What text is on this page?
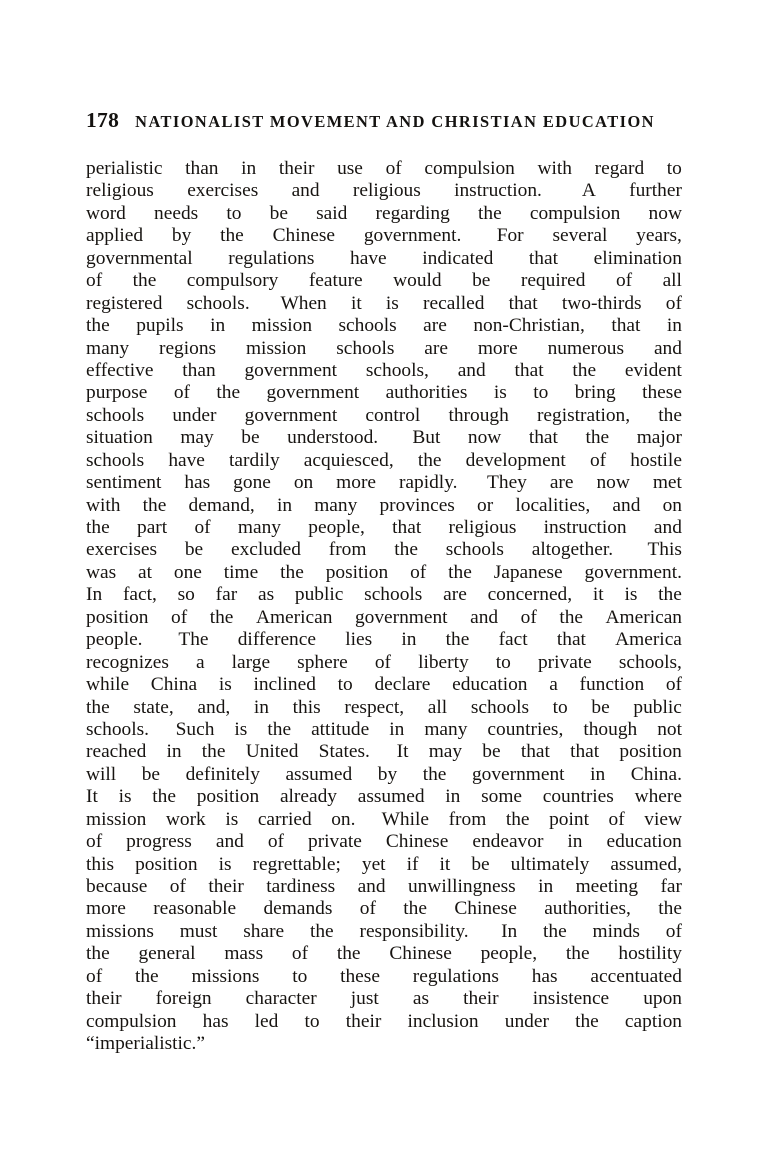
178 NATIONALIST MOVEMENT AND CHRISTIAN EDUCATION
perialistic than in their use of compulsion with regard to
religious exercises and religious instruction. A further
word needs to be said regarding the compulsion now
applied by the Chinese government. For several years,
governmental regulations have indicated that elimination
of the compulsory feature would be required of all
registered schools. When it is recalled that two-thirds of
the pupils in mission schools are non-Christian, that in
many regions mission schools are more numerous and
effective than government schools, and that the evident
purpose of the government authorities is to bring these
schools under government control through registration, the
situation may be understood. But now that the major
schools have tardily acquiesced, the development of hostile
sentiment has gone on more rapidly. They are now met
with the demand, in many provinces or localities, and on
the part of many people, that religious instruction and
exercises be excluded from the schools altogether. This
was at one time the position of the Japanese government.
In fact, so far as public schools are concerned, it is the
position of the American government and of the American
people. The difference lies in the fact that America
recognizes a large sphere of liberty to private schools,
while China is inclined to declare education a function of
the state, and, in this respect, all schools to be public
schools. Such is the attitude in many countries, though not
reached in the United States. It may be that that position
will be definitely assumed by the government in China.
It is the position already assumed in some countries where
mission work is carried on. While from the point of view
of progress and of private Chinese endeavor in education
this position is regrettable; yet if it be ultimately assumed,
because of their tardiness and unwillingness in meeting far
more reasonable demands of the Chinese authorities, the
missions must share the responsibility. In the minds of
the general mass of the Chinese people, the hostility
of the missions to these regulations has accentuated
their foreign character just as their insistence upon
compulsion has led to their inclusion under the caption
“imperialistic.”
